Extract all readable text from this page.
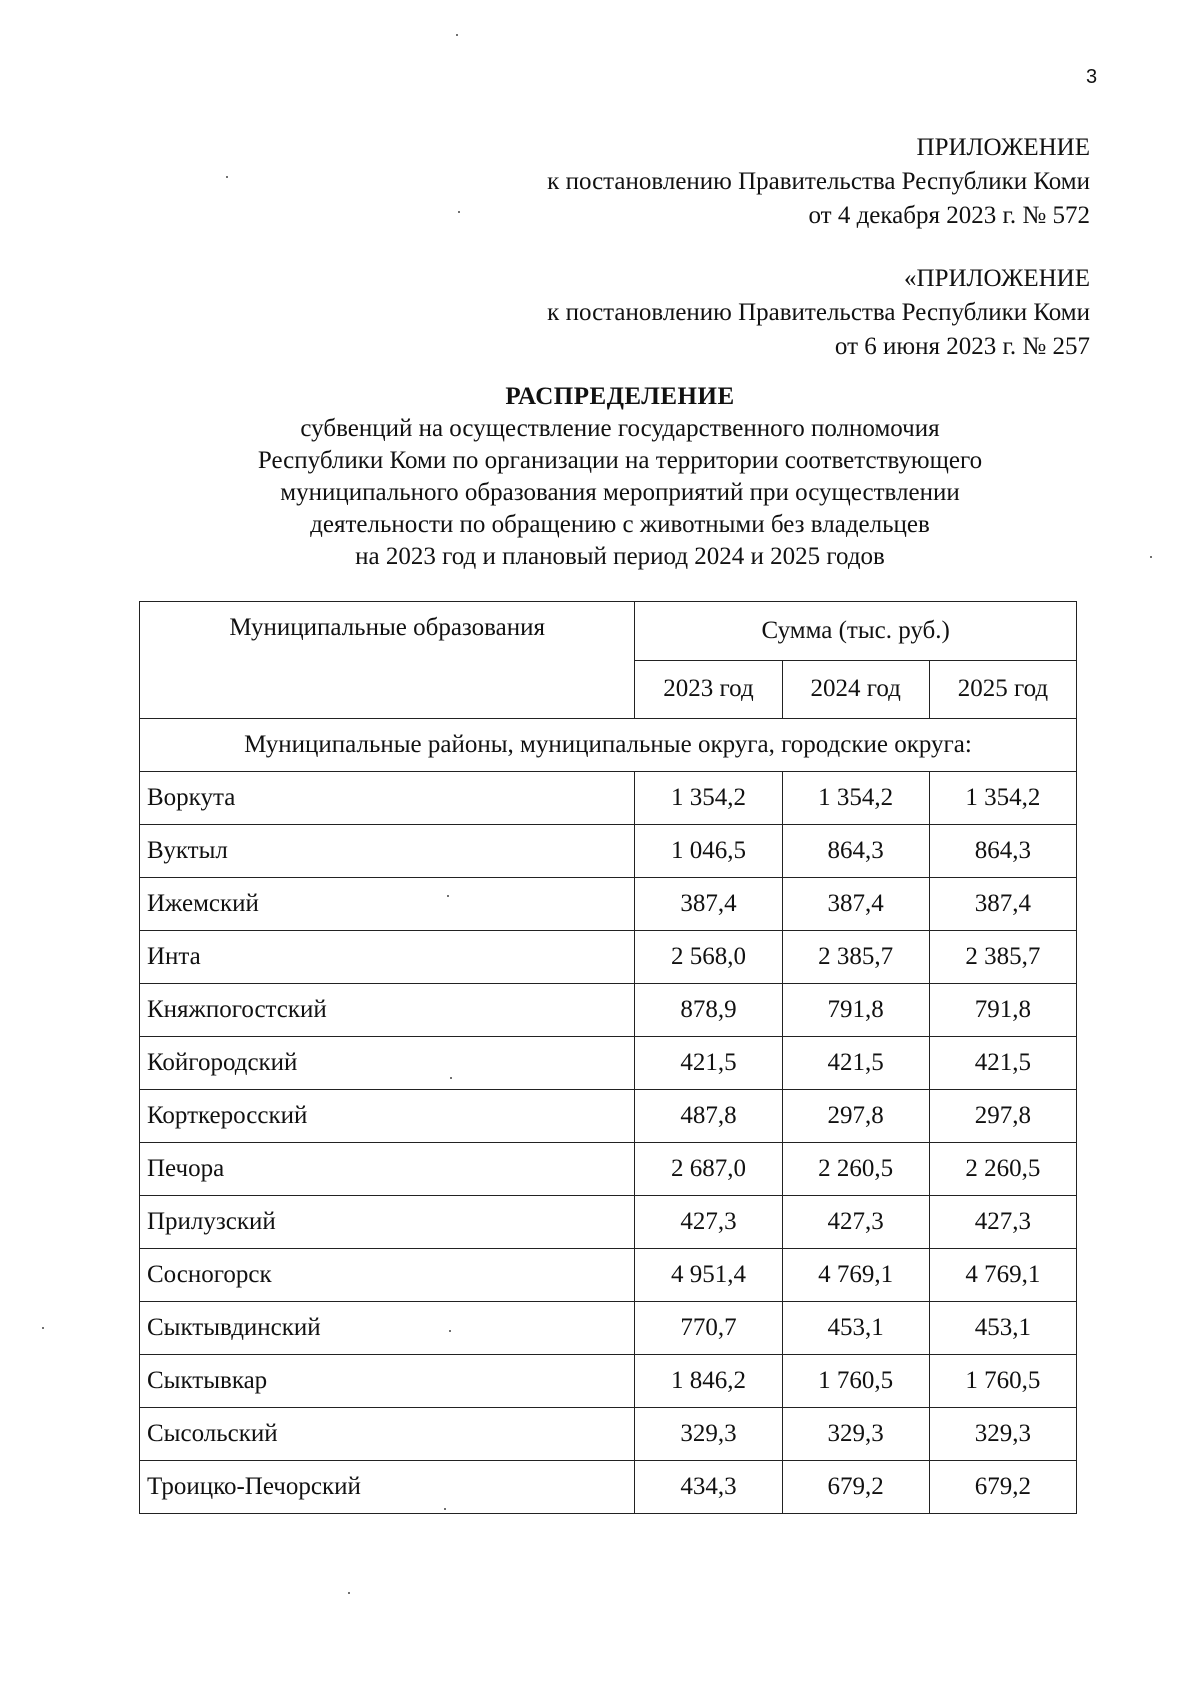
3
ПРИЛОЖЕНИЕ
к постановлению Правительства Республики Коми
от 4 декабря 2023 г. № 572
«ПРИЛОЖЕНИЕ
к постановлению Правительства Республики Коми
от 6 июня 2023 г. № 257
РАСПРЕДЕЛЕНИЕ
субвенций на осуществление государственного полномочия
Республики Коми по организации на территории соответствующего
муниципального образования мероприятий при осуществлении
деятельности по обращению с животными без владельцев
на 2023 год и плановый период 2024 и 2025 годов
Муниципальные образования	Сумма (тыс. руб.)		
	2023 год	2024 год	2025 год
Муниципальные районы, муниципальные округа, городские округа:			
Воркута	1 354,2	1 354,2	1 354,2
Вуктыл	1 046,5	864,3	864,3
Ижемский	387,4	387,4	387,4
Инта	2 568,0	2 385,7	2 385,7
Княжпогостский	878,9	791,8	791,8
Койгородский	421,5	421,5	421,5
Корткеросский	487,8	297,8	297,8
Печора	2 687,0	2 260,5	2 260,5
Прилузский	427,3	427,3	427,3
Сосногорск	4 951,4	4 769,1	4 769,1
Сыктывдинский	770,7	453,1	453,1
Сыктывкар	1 846,2	1 760,5	1 760,5
Сысольский	329,3	329,3	329,3
Троицко-Печорский	434,3	679,2	679,2
